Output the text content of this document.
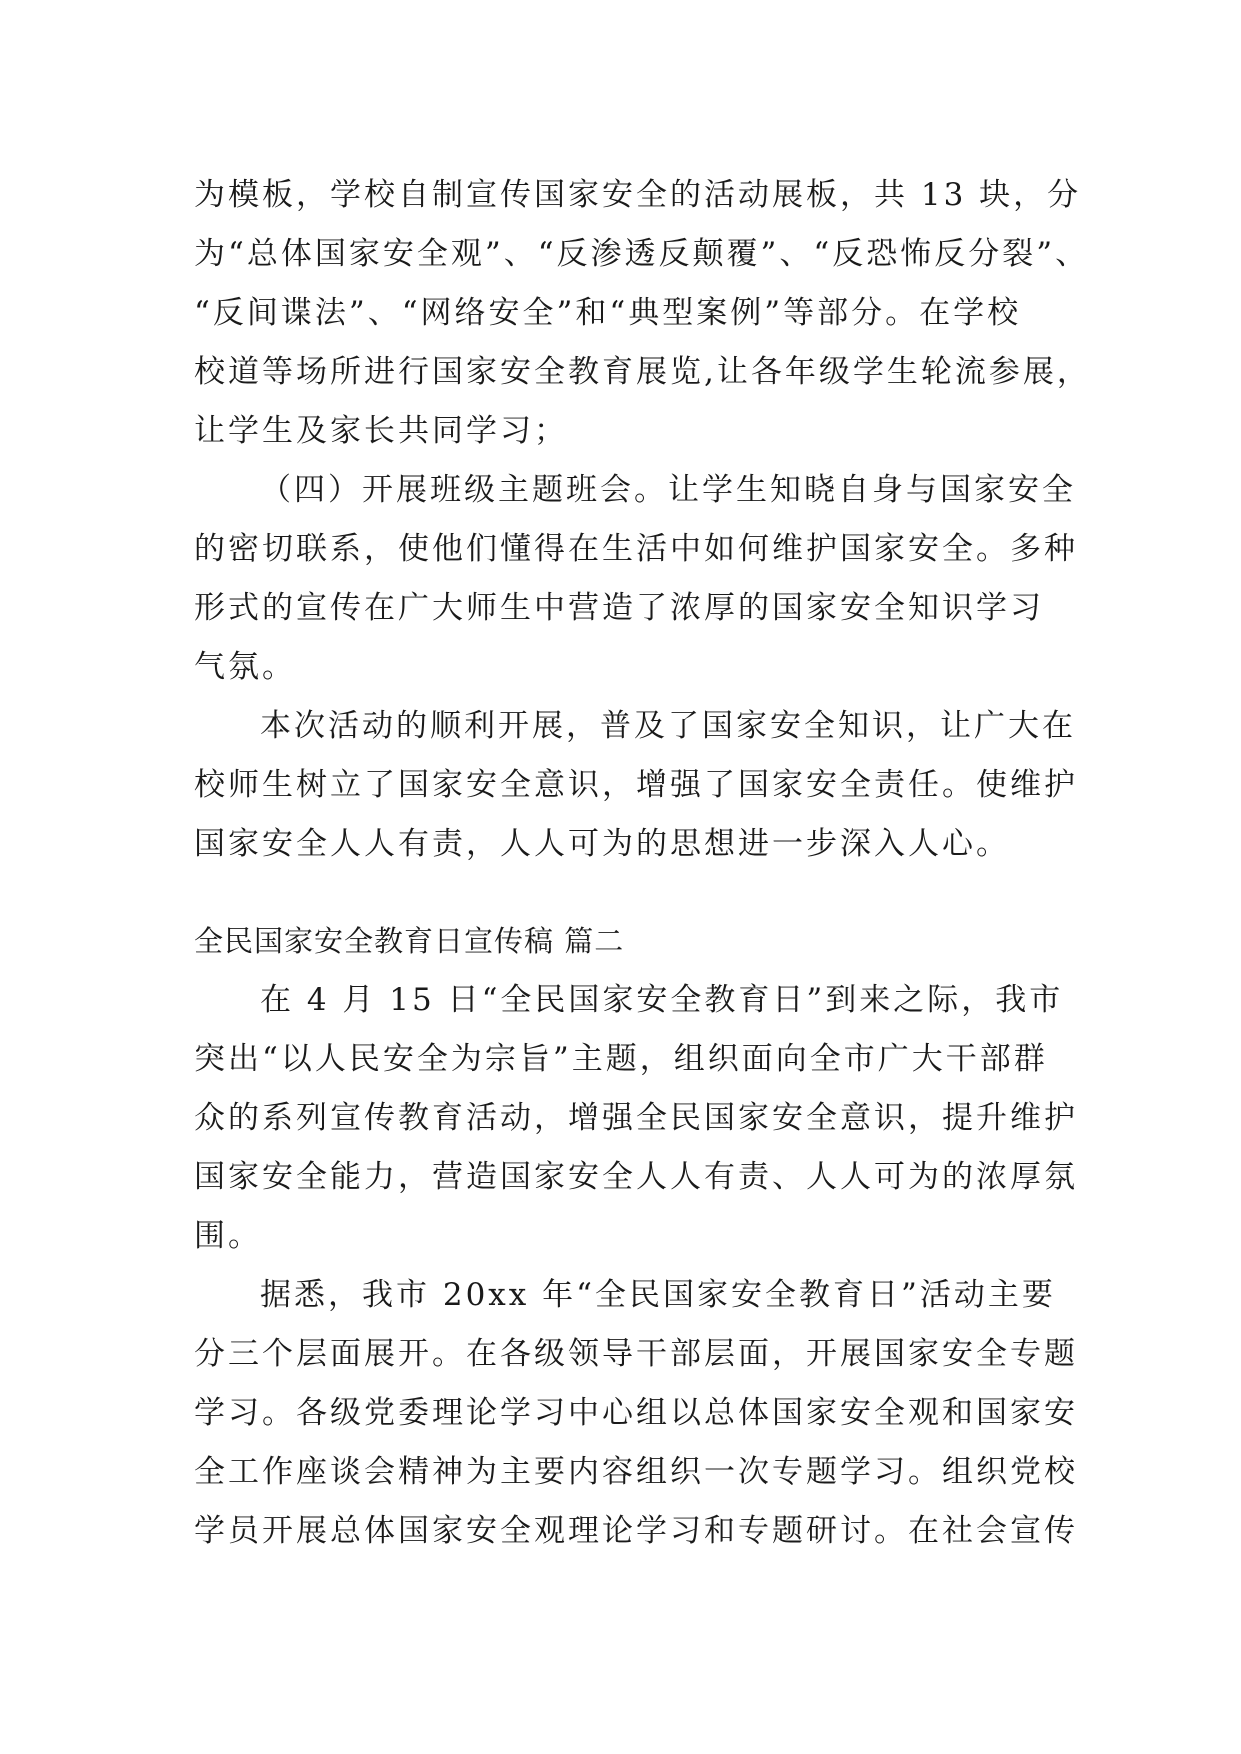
为模板，学校自制宣传国家安全的活动展板，共 13 块，分
为“总体国家安全观”、“反渗透反颠覆”、“反恐怖反分裂”、
“反间谍法”、“网络安全”和“典型案例”等部分。在学校
校道等场所进行国家安全教育展览,让各年级学生轮流参展，
让学生及家长共同学习；
（四）开展班级主题班会。让学生知晓自身与国家安全
的密切联系，使他们懂得在生活中如何维护国家安全。多种
形式的宣传在广大师生中营造了浓厚的国家安全知识学习
气氛。
本次活动的顺利开展，普及了国家安全知识，让广大在
校师生树立了国家安全意识，增强了国家安全责任。使维护
国家安全人人有责，人人可为的思想进一步深入人心。
全民国家安全教育日宣传稿 篇二
在 4 月 15 日“全民国家安全教育日”到来之际，我市
突出“以人民安全为宗旨”主题，组织面向全市广大干部群
众的系列宣传教育活动，增强全民国家安全意识，提升维护
国家安全能力，营造国家安全人人有责、人人可为的浓厚氛
围。
据悉，我市 20xx 年“全民国家安全教育日”活动主要
分三个层面展开。在各级领导干部层面，开展国家安全专题
学习。各级党委理论学习中心组以总体国家安全观和国家安
全工作座谈会精神为主要内容组织一次专题学习。组织党校
学员开展总体国家安全观理论学习和专题研讨。在社会宣传
